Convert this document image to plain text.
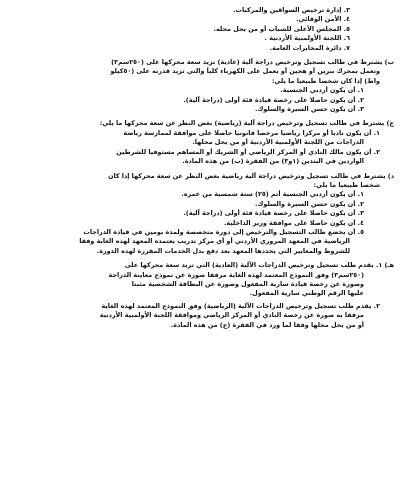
٣. إدارة ترخيص السواقين والمركبات.
٤. الأمن الوقائي.
٥. المجلس الأعلى للشباب أو من يحل محله.
٦. اللجنة الأولمبية الأردنية .
٧. دائرة المخابرات العامة.
ب) يشترط في طالب تسجيل وترخيص دراجة آلية (عادية) تزيد سعة محركها على (٢٥٠سم٣)
وتعمل بمحرك بنزين أو هجين أو يعمل على الكهرباء كلياً والتي تزيد قدرته على (٥٠كيلو
واط) إذا كان شخصا طبيعيا ما يلي:
١. أن يكون أردني الجنسية.
٢. أن يكون حاصلا على رخصة قيادة فئة أولى (دراجة آلية).
٣. أن يكون حسن السيرة والسلوك.
ج) يشترط في طالب تسجيل وترخيص دراجة آلية (رياضية) بغض النظر عن سعة محركها ما يلي:
١. أن يكون ناديا أو مركزا رياضيا مرخصا قانونيا حاصلا على موافقة لممارسة رياضة
الدراجات من اللجنة الأولمبية الأردنية أو من يحل محلها.
٢. أن يكون مالك النادي أو المركز الرياضي أو الشريك أو المساهم مستوفيا للشرطين
الواردين في البندين (١و٣) من الفقرة (ب) من هذه المادة.
د) يشترط في طالب تسجيل وترخيص دراجة آلية رياضية بغض النظر عن سعة محركها إذا كان
شخصا طبيعيا ما يلي:
١. أن يكون أردني الجنسية أتم (٢٥) سنة شمسية من عمره.
٢. أن يكون حسن السيرة والسلوك.
٣. أن يكون حاصلا على رخصة قيادة فئة أولى (دراجة آلية).
٤. أن يكون حاصلا على موافقة وزير الداخلية.
٥. أن يخضع طالب التسجيل والترخيص إلى دورة متخصصة ولمدة يومين في قيادة الدراجات
الرياضية في المعهد المروري الأردني أو أي مركز تدريب يعتمده المعهد لهذه الغاية وفقا
للشروط والمعايير التي يحددها المعهد بعد دفع بدل الخدمات المقررة لهذه الدورة.
هـ) ١. يقدم طلب تسجيل وترخيص الدراجات الآلية (العادية) التي تزيد سعة محركها على
(٢٥٠سم٣) وفق النموذج المعتمد لهذه الغاية مرفقا صورة عن نموذج معاينة الدراجة
وصورة عن رخصة قيادة سارية المفعول وصورة عن البطاقة الشخصية مثبتا
عليها الرقم الوطني سارية المفعول.
٢. يقدم طلب تسجيل وترخيص الدراجات الآلية (الرياضية) وفق النموذج المعتمد لهذه الغاية
مرفقا به صورة عن رخصة النادي أو المركز الرياضي وموافقة اللجنة الأولمبية الأردنية
أو من يحل محلها وفقا لما ورد في الفقرة (ج) من هذه المادة.
